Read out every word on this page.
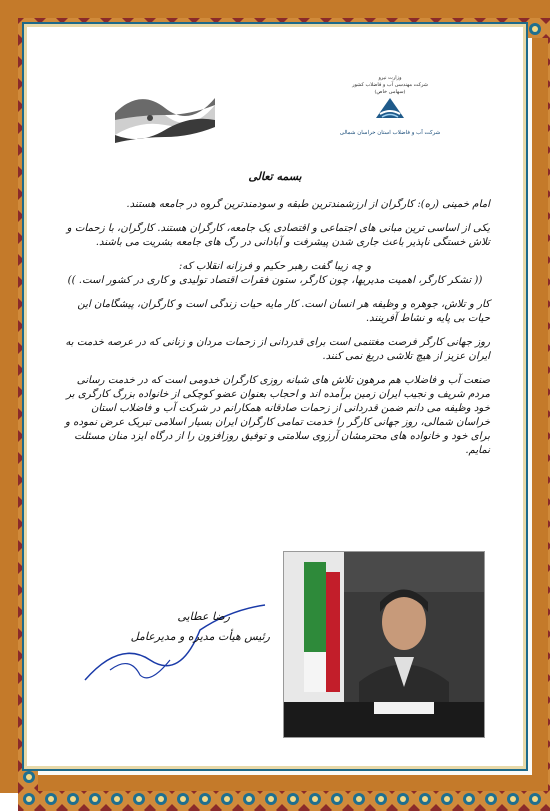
وزارت نیرو
شرکت مهندسی آب و فاضلاب کشور
(سهامی خاص)
شرکت آب و فاضلاب استان خراسان شمالی

بسمه تعالی

امام خمینی (ره): کارگران از ارزشمندترین طبقه و سودمندترین گروه در جامعه هستند.

یکی از اساسی ترین مبانی های اجتماعی و اقتصادی یک جامعه، کارگران هستند. کارگران، با زحمات و تلاش خستگی ناپذیر باعث جاری شدن پیشرفت و آبادانی در رگ های جامعه بشریت می باشند.

و چه زیبا گفت رهبر حکیم و فرزانه انقلاب که:

(( تشکر کارگر، اهمیت مدیریها، چون کارگر، ستون فقرات اقتصاد تولیدی و کاری در کشور است. ))

کار و تلاش، جوهره و وظیفه هر انسان است. کار مایه حیات زندگی است و کارگران، پیشگامان این حیات بی پایه و نشاط آفرینند.

روز جهانی کارگر فرصت مغتنمی است برای قدردانی از زحمات مردان و زنانی که در عرصه خدمت به ایران عزیز از هیچ تلاشی دریغ نمی کنند.

صنعت آب و فاضلاب هم مرهون تلاش های شبانه روزی کارگران خدومی است که در خدمت رسانی مردم شریف و نجیب ایران زمین برآمده اند و احجاب بعنوان عضو کوچکی از خانواده بزرگ کارگری بر خود وظیفه می دانم ضمن قدردانی از زحمات صادقانه همکارانم در شرکت آب و فاضلاب استان خراسان شمالی، روز جهانی کارگر را خدمت تمامی کارگران ایران بسیار اسلامی تبریک عرض نموده و برای خود و خانواده های محترمشان آرزوی سلامتی و توفیق روزافزون را از درگاه ایزد منان مسئلت نمایم.

رضا عطایی
رئیس هیأت مدیره و مدیرعامل
